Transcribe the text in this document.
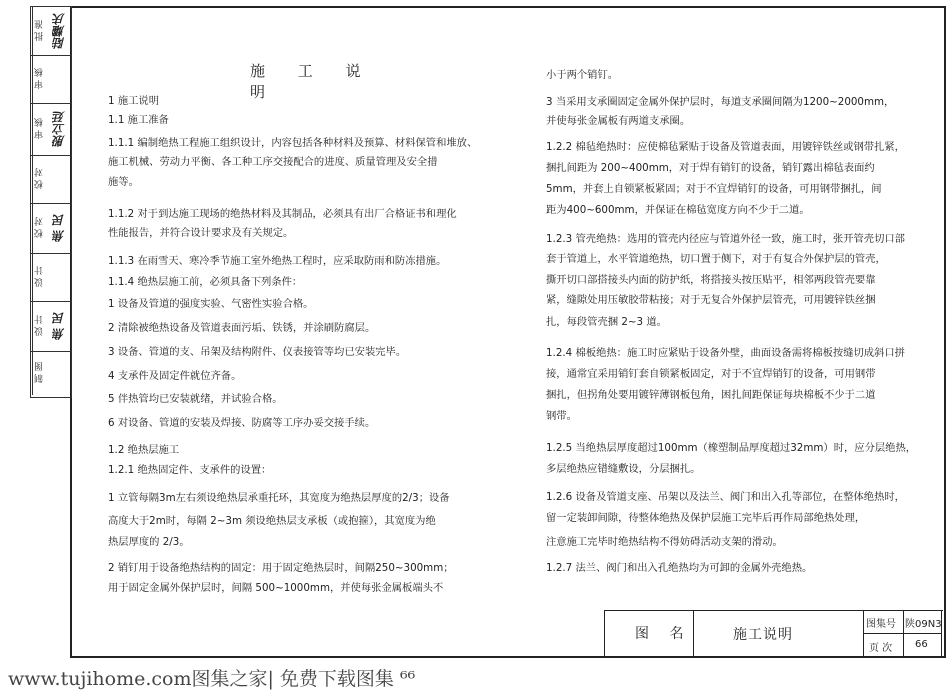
批 准 陆耀庆
审 核
审 核 殷立廷
校 对
校 对 焦 民
设 计
设 计 焦 民
制 图
施 工 说 明
1 施工说明
1.1 施工准备
1.1.1 编制绝热工程施工组织设计，内容包括各种材料及预算、材料保管和堆放、
施工机械、劳动力平衡、各工种工序交接配合的进度、质量管理及安全措
施等。
1.1.2 对于到达施工现场的绝热材料及其制品，必须具有出厂合格证书和理化
性能报告，并符合设计要求及有关规定。
1.1.3 在雨雪天、寒冷季节施工室外绝热工程时，应采取防雨和防冻措施。
1.1.4 绝热层施工前，必须具备下列条件：
1 设备及管道的强度实验、气密性实验合格。
2 清除被绝热设备及管道表面污垢、铁锈，并涂刷防腐层。
3 设备、管道的支、吊架及结构附件、仪表接管等均已安装完毕。
4 支承件及固定件就位齐备。
5 伴热管均已安装就绪，并试验合格。
6 对设备、管道的安装及焊接、防腐等工序办妥交接手续。
1.2 绝热层施工
1.2.1 绝热固定件、支承件的设置：
1 立管每隔3m左右须设绝热层承重托环，其宽度为绝热层厚度的2/3；设备
高度大于2m时，每隔 2~3m 须设绝热层支承板（或抱箍），其宽度为绝
热层厚度的 2/3。
2 销钉用于设备绝热结构的固定：用于固定绝热层时，间隔250~300mm；
用于固定金属外保护层时，间隔 500~1000mm，并使每张金属板端头不
小于两个销钉。
3 当采用支承圈固定金属外保护层时，每道支承圈间隔为1200~2000mm，
并使每张金属板有两道支承圈。
1.2.2 棉毡绝热时：应使棉毡紧贴于设备及管道表面，用镀锌铁丝或钢带扎紧，
捆扎间距为 200~400mm，对于焊有销钉的设备，销钉露出棉毡表面约
5mm，并套上自锁紧板紧固；对于不宜焊销钉的设备，可用钢带捆扎，间
距为400~600mm，并保证在棉毡宽度方向不少于二道。
1.2.3 管壳绝热：选用的管壳内径应与管道外径一致，施工时，张开管壳切口部
套于管道上，水平管道绝热，切口置于侧下，对于有复合外保护层的管壳，
撕开切口部搭接头内面的防护纸，将搭接头按压贴平，相邻两段管壳要靠
紧，缝隙处用压敏胶带粘接；对于无复合外保护层管壳，可用镀锌铁丝捆
扎，每段管壳捆 2~3 道。
1.2.4 棉板绝热：施工时应紧贴于设备外壁，曲面设备需将棉板按缝切成斜口拼
接，通常宜采用销钉套自锁紧板固定，对于不宜焊销钉的设备，可用钢带
捆扎，但拐角处要用镀锌薄钢板包角，困扎间距保证每块棉板不少于二道
钢带。
1.2.5 当绝热层厚度超过100mm（橡塑制品厚度超过32mm）时，应分层绝热，
多层绝热应错缝敷设，分层捆扎。
1.2.6 设备及管道支座、吊架以及法兰、阀门和出入孔等部位，在整体绝热时，
留一定装卸间隙，待整体绝热及保护层施工完毕后再作局部绝热处理，
注意施工完毕时绝热结构不得妨碍活动支架的滑动。
1.2.7 法兰、阀门和出入孔绝热均为可卸的金属外壳绝热。
图 名	施工说明
图集号 陕09N3
页 次 66
www.tujihome.com图集之家| 免费下载图集 ⁶⁶
